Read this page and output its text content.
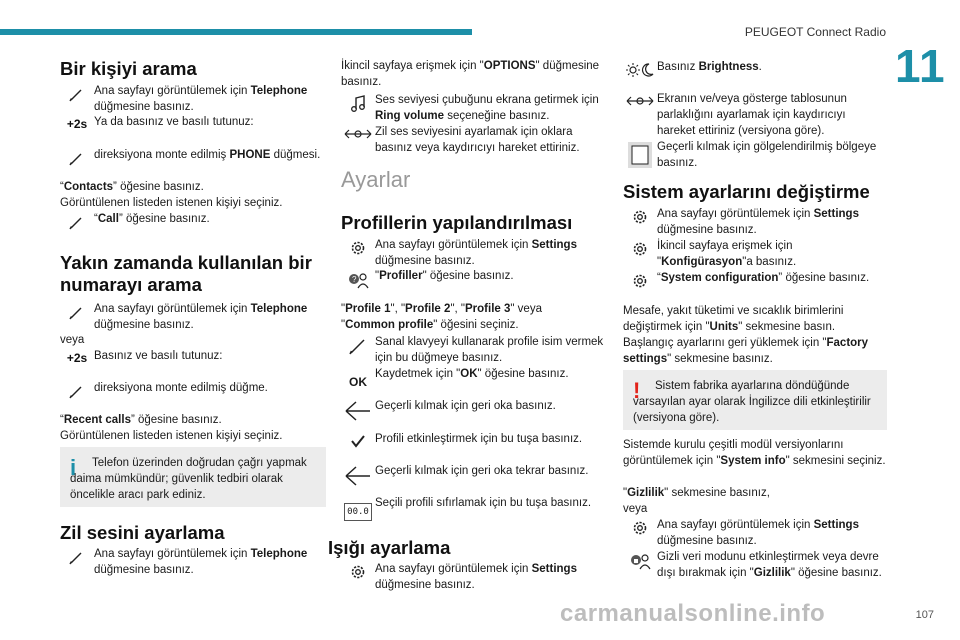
PEUGEOT Connect Radio
11
Bir kişiyi arama
Ana sayfayı görüntülemek için Telephone düğmesine basınız.
+2s Ya da basınız ve basılı tutunuz:
direksiyona monte edilmiş PHONE düğmesi.
“Contacts” öğesine basınız.
Görüntülenen listeden istenen kişiyi seçiniz.
“Call” öğesine basınız.
Yakın zamanda kullanılan bir numarayı arama
Ana sayfayı görüntülemek için Telephone düğmesine basınız.
veya
+2s Basınız ve basılı tutunuz:
direksiyona monte edilmiş düğme.
“Recent calls” öğesine basınız.
Görüntülenen listeden istenen kişiyi seçiniz.
i	Telefon üzerinden doğrudan çağrı yapmak daima mümkündür; güvenlik tedbiri olarak öncelikle aracı park ediniz.
Zil sesini ayarlama
Ana sayfayı görüntülemek için Telephone düğmesine basınız.
İkincil sayfaya erişmek için "OPTIONS" düğmesine basınız.
Ses seviyesi çubuğunu ekrana getirmek için Ring volume seçeneğine basınız.
Zil ses seviyesini ayarlamak için oklara basınız veya kaydırıcıyı hareket ettiriniz.
Ayarlar
Profillerin yapılandırılması
Ana sayfayı görüntülemek için Settings düğmesine basınız.
? "Profiller" öğesine basınız.
"Profile 1", "Profile 2", "Profile 3" veya
"Common profile" öğesini seçiniz.
Sanal klavyeyi kullanarak profile isim vermek için bu düğmeye basınız.
OK
Kaydetmek için "OK" öğesine basınız.
Geçerli kılmak için geri oka basınız.
Profili etkinleştirmek için bu tuşa basınız.
Geçerli kılmak için geri oka tekrar basınız.
00.0
Seçili profili sıfırlamak için bu tuşa basınız.
Işığı ayarlama
Ana sayfayı görüntülemek için Settings düğmesine basınız.
Basınız Brightness.
Ekranın ve/veya gösterge tablosunun parlaklığını ayarlamak için kaydırıcıyı hareket ettiriniz (versiyona göre).
Geçerli kılmak için gölgelendirilmiş bölgeye basınız.
Sistem ayarlarını değiştirme
Ana sayfayı görüntülemek için Settings düğmesine basınız.
İkincil sayfaya erişmek için "Konfigürasyon"a basınız.
“System configuration” öğesine basınız.
Mesafe, yakıt tüketimi ve sıcaklık birimlerini değiştirmek için "Units" sekmesine basın.
Başlangıç ayarlarını geri yüklemek için "Factory settings" sekmesine basınız.
!	Sistem fabrika ayarlarına döndüğünde varsayılan ayar olarak İngilizce dili etkinleştirilir (versiyona göre).
Sistemde kurulu çeşitli modül versiyonlarını görüntülemek için "System info" sekmesini seçiniz.
"Gizlilik" sekmesine basınız,
veya
Ana sayfayı görüntülemek için Settings düğmesine basınız.
Gizli veri modunu etkinleştirmek veya devre dışı bırakmak için "Gizlilik" öğesine basınız.
carmanualsonline.info	107
